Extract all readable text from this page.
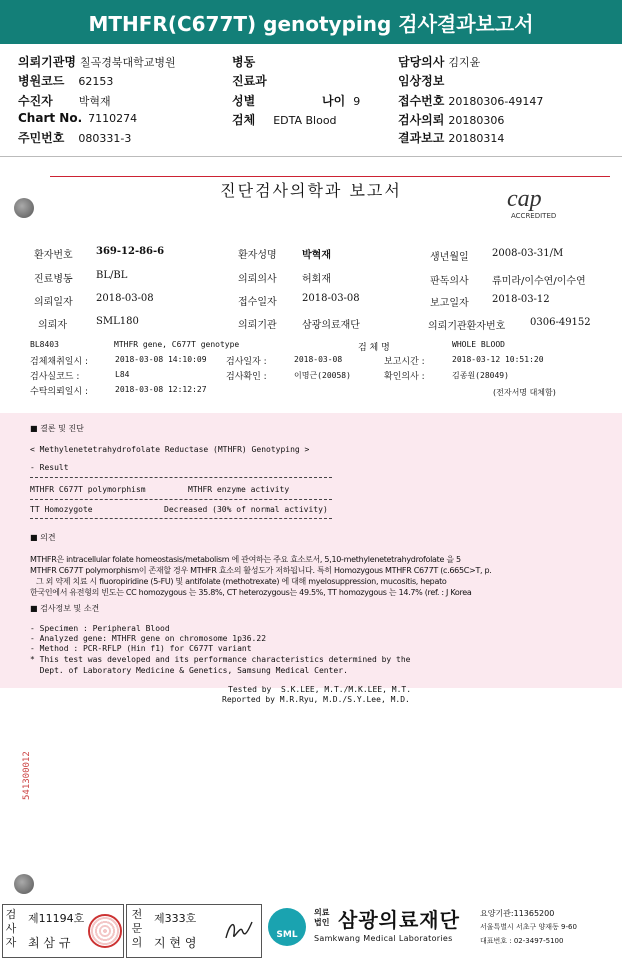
MTHFR(C677T) genotyping 검사결과보고서
의뢰기관명 칠곡경북대학교병원
병원코드 62153
수진자 박혁재
Chart No. 7110274
주민번호 080331-3
병동
진료과
성별	나이 9
검체 EDTA Blood
담당의사 김지윤
임상정보
접수번호 20180306-49147
검사의뢰 20180306
결과보고 20180314
진단검사의학과 보고서	cap
ACCREDITED
환자번호 369-12-86-6	환자성명	박혁재	생년월일 2008-03-31/M
진료병동 BL/BL	의뢰의사	허회재	판독의사 류미라/이수연/이수연
의뢰일자 2018-03-08	접수일자	2018-03-08	보고일자 2018-03-12
의뢰자	SML180	의뢰기관	삼광의료재단	의뢰기관환자번호 0306-49152
BL8403	MTHFR gene, C677T genotype	검 체 명	WHOLE BLOOD
검체채취일시 :	2018-03-08 14:10:09 검사일자 :	2018-03-08	보고시간 :	2018-03-12 10:51:20
검사실코드 :	L84	검사확인 :	이명근(20058)	확인의사 :	김종원(28049)
수탁의뢰일시 :	2018-03-08 12:12:27	(전자서명 대체함)
■ 결론 및 진단
< Methylenetetrahydrofolate Reductase (MTHFR) Genotyping >
- Result
MTHFR C677T polymorphism	MTHFR enzyme activity
TT Homozygote	Decreased (30% of normal activity)
■ 의견
MTHFR은 intracellular folate homeostasis/metabolism 에 관여하는 주요 효소로서, 5,10-methylenetetrahydrofolate 을 5
MTHFR C677T polymorphism이 존재할 경우 MTHFR 효소의 활성도가 저하됩니다. 특히 Homozygous MTHFR C677T (c.665C>T, p.
그 외 약제 치료 시 fluoropiridine (5-FU) 및 antifolate (methotrexate) 에 대해 myelosuppression, mucositis, hepato
한국인에서 유전형의 빈도는 CC homozygous 는 35.8%, CT heterozygous는 49.5%, TT homozygous 는 14.7% (ref. : J Korea
■ 검사정보 및 소견
- Specimen : Peripheral Blood
- Analyzed gene: MTHFR gene on chromosome 1p36.22
- Method : PCR-RFLP (Hin f1) for C677T variant
* This test was developed and its performance characteristics determined by the
Dept. of Laboratory Medicine & Genetics, Samsung Medical Center.
Tested by  S.K.LEE, M.T./M.K.LEE, M.T.
Reported by M.R.Ryu, M.D./S.Y.Lee, M.D.
541300012
검사자
제11194호
최 삼 규
전문의
제333호
지 현 영
SML
의료법인 삼광의료재단
Samkwang Medical Laboratories
요양기관:11365200
서울특별시 서초구 양재동 9-60
대표번호 : 02-3497-5100
